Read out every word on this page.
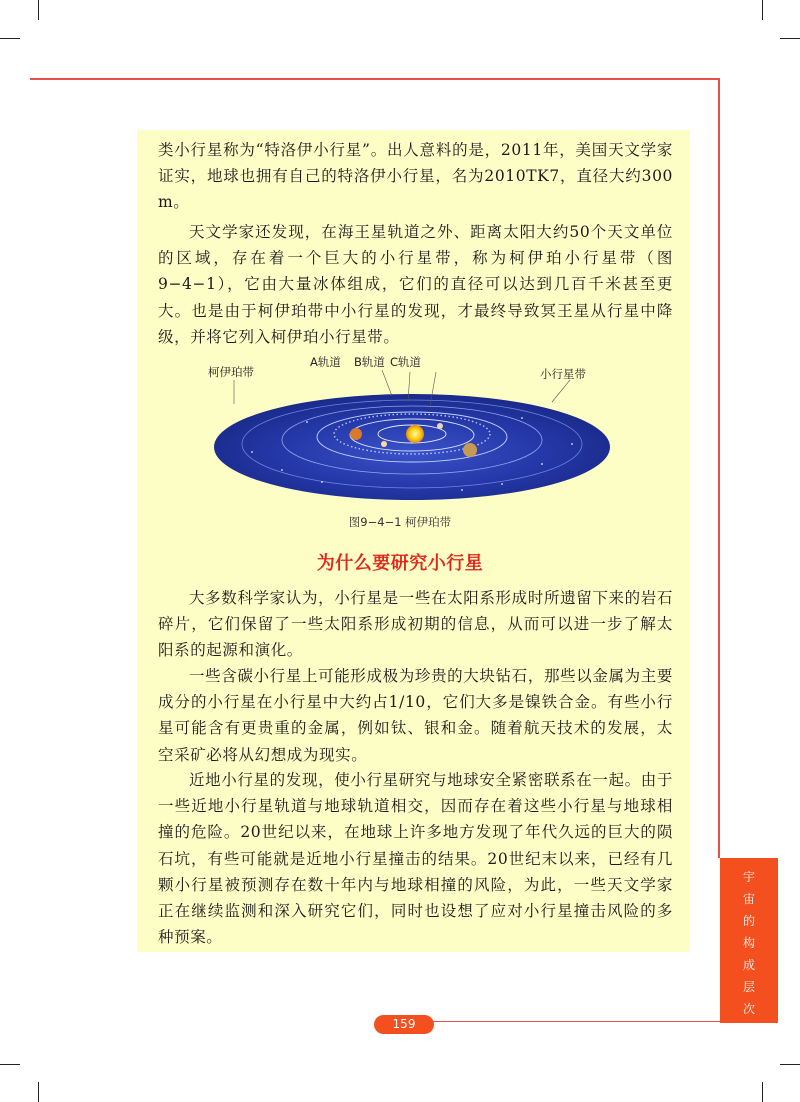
类小行星称为“特洛伊小行星”。出人意料的是，2011年，美国天文学家证实，地球也拥有自己的特洛伊小行星，名为2010TK7，直径大约300 m。

天文学家还发现，在海王星轨道之外、距离太阳大约50个天文单位的区域，存在着一个巨大的小行星带，称为柯伊珀小行星带（图9−4−1），它由大量冰体组成，它们的直径可以达到几百千米甚至更大。也是由于柯伊珀带中小行星的发现，才最终导致冥王星从行星中降级，并将它列入柯伊珀小行星带。

柯伊珀带
A轨道 B轨道 C轨道
小行星带
图9−4−1 柯伊珀带
为什么要研究小行星

大多数科学家认为，小行星是一些在太阳系形成时所遗留下来的岩石碎片，它们保留了一些太阳系形成初期的信息，从而可以进一步了解太阳系的起源和演化。

一些含碳小行星上可能形成极为珍贵的大块钻石，那些以金属为主要成分的小行星在小行星中大约占1/10，它们大多是镍铁合金。有些小行星可能含有更贵重的金属，例如钛、银和金。随着航天技术的发展，太空采矿必将从幻想成为现实。

近地小行星的发现，使小行星研究与地球安全紧密联系在一起。由于一些近地小行星轨道与地球轨道相交，因而存在着这些小行星与地球相撞的危险。20世纪以来，在地球上许多地方发现了年代久远的巨大的陨石坑，有些可能就是近地小行星撞击的结果。20世纪末以来，已经有几颗小行星被预测存在数十年内与地球相撞的风险，为此，一些天文学家正在继续监测和深入研究它们，同时也设想了应对小行星撞击风险的多种预案。

宇
宙
的
构
成
层
次
159
